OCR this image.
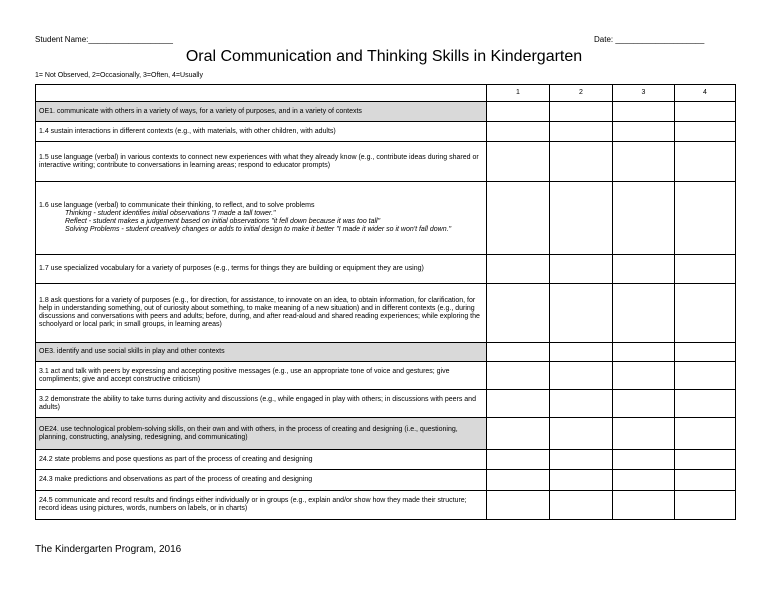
Student Name:___________________	Date: ____________________
Oral Communication and Thinking Skills in Kindergarten
1= Not Observed, 2=Occasionally, 3=Often, 4=Usually
	1	2	3	4
OE1. communicate with others in a variety of ways, for a variety of purposes, and in a variety of contexts				
1.4 sustain interactions in different contexts (e.g., with materials, with other children, with adults)				
1.5 use language (verbal) in various contexts to connect new experiences with what they already know (e.g., contribute ideas during shared or interactive writing; contribute to conversations in learning areas; respond to educator prompts)				
1.6 use language (verbal) to communicate their thinking, to reflect, and to solve problems
Thinking - student identifies initial observations "I made a tall tower."
Reflect - student makes a judgement based on initial observations "it fell down because it was too tall"
Solving Problems - student creatively changes or adds to initial design to make it better "I made it wider so it won't fall down."				

1.7 use specialized vocabulary for a variety of purposes (e.g., terms for things they are building or equipment they are using)				
1.8 ask questions for a variety of purposes (e.g., for direction, for assistance, to innovate on an idea, to obtain information, for clarification, for help in understanding something, out of curiosity about something, to make meaning of a new situation) and in different contexts (e.g., during discussions and conversations with peers and adults; before, during, and after read-aloud and shared reading experiences; while exploring the schoolyard or local park; in small groups, in learning areas)				
OE3. identify and use social skills in play and other contexts				
3.1 act and talk with peers by expressing and accepting positive messages (e.g., use an appropriate tone of voice and gestures; give compliments; give and accept constructive criticism)				
3.2 demonstrate the ability to take turns during activity and discussions (e.g., while engaged in play with others; in discussions with peers and adults)				
OE24. use technological problem-solving skills, on their own and with others, in the process of creating and designing (i.e., questioning, planning, constructing, analysing, redesigning, and communicating)				
24.2 state problems and pose questions as part of the process of creating and designing				
24.3 make predictions and observations as part of the process of creating and designing				
24.5 communicate and record results and findings either individually or in groups (e.g., explain and/or show how they made their structure; record ideas using pictures, words, numbers on labels, or in charts)				
The Kindergarten Program, 2016
